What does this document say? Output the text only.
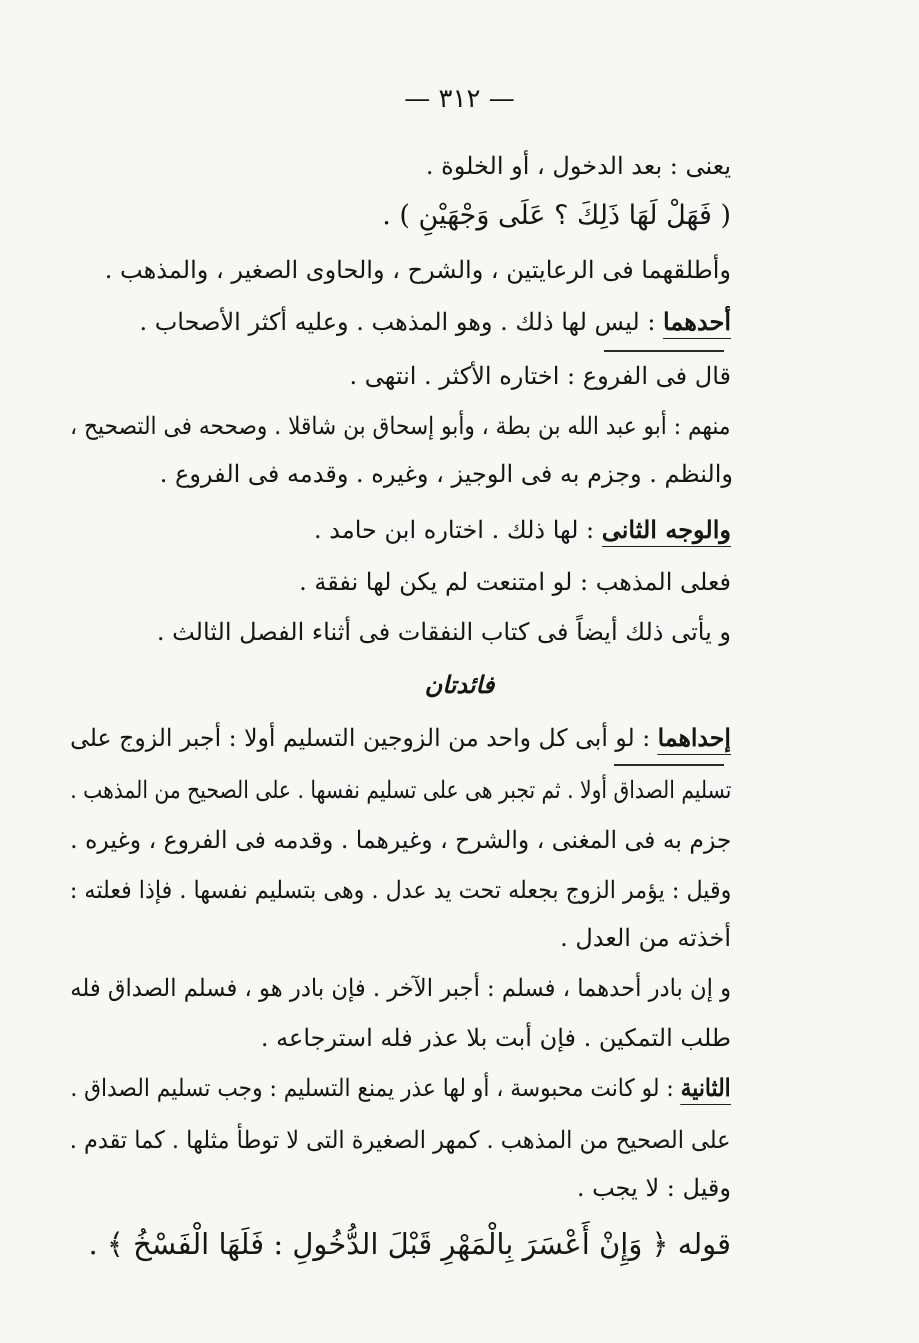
— ٣١٢ —
يعنى : بعد الدخول ، أو الخلوة .
( فَهَلْ لَهَا ذَلِكَ ؟ عَلَى وَجْهَيْنِ ) .
وأطلقهما فى الرعايتين ، والشرح ، والحاوى الصغير ، والمذهب .
أحدهما : ليس لها ذلك . وهو المذهب . وعليه أكثر الأصحاب .
قال فى الفروع : اختاره الأكثر . انتهى .
منهم : أبو عبد الله بن بطة ، وأبو إسحاق بن شاقلا . وصححه فى التصحيح ،
والنظم . وجزم به فى الوجيز ، وغيره . وقدمه فى الفروع .
والوجه الثانى : لها ذلك . اختاره ابن حامد .
فعلى المذهب : لو امتنعت لم يكن لها نفقة .
و يأتى ذلك أيضاً فى كتاب النفقات فى أثناء الفصل الثالث .
فائدتان
إحداهما : لو أبى كل واحد من الزوجين التسليم أولا : أجبر الزوج على
تسليم الصداق أولا . ثم تجبر هى على تسليم نفسها . على الصحيح من المذهب .
جزم به فى المغنى ، والشرح ، وغيرهما . وقدمه فى الفروع ، وغيره .
وقيل : يؤمر الزوج بجعله تحت يد عدل . وهى بتسليم نفسها . فإذا فعلته :
أخذته من العدل .
و إن بادر أحدهما ، فسلم : أجبر الآخر . فإن بادر هو ، فسلم الصداق فله
طلب التمكين . فإن أبت بلا عذر فله استرجاعه .
الثانية : لو كانت محبوسة ، أو لها عذر يمنع التسليم : وجب تسليم الصداق .
على الصحيح من المذهب . كمهر الصغيرة التى لا توطأ مثلها . كما تقدم .
وقيل : لا يجب .
قوله ﴿ وَإِنْ أَعْسَرَ بِالْمَهْرِ قَبْلَ الدُّخُولِ : فَلَهَا الْفَسْخُ ﴾ .
